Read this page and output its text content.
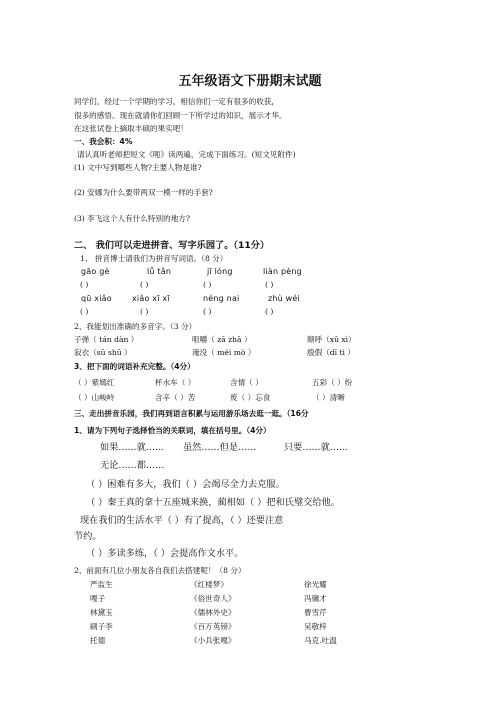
五年级语文下册期末试题
同学们，经过一个学期的学习，相信你们一定有很多的收获，
很多的感悟。现在就请你们回顾一下所学过的知识，展示才华。
在这张试卷上摘取丰硕的果实吧！
一、我会积：4%
请认真听老师把短文《呃》读两遍，完成下面练习。(短文见附件)
(1) 文中写到哪些人物?主要人物是谁?
(2) 安娜为什么要带两双一模一样的手套?
(3) 李飞这个人有什么特别的地方?
二、 我们可以走进拼音、写字乐园了。（11分）
1、 拼音博士请我们为拼音写词语。（8 分）
gāo gè	lǚ tǎn	jī lóng	liàn pèng
( )	( )	( )	( )
qū xiǎo	xiǎo xī xī	néng nai	zhù wéi
( )	( )	( )	( )
2、我能划出准确的多音字。（3 分）
子弹（ tán dàn ）	咀嚼（ zā zhā ）	顺呼（xū xì）
寂衣（sū shū ）	淹没（ méi mò ）	殷假（dī tì ）
3、把下面的词语补充完整。（4分）
（ ）紫嫣红	杯水车（ ）	含情（ ）	五彩（ ）纷
（ ）山峻岭	含辛（ ）苦	废（ ）忘食	（ ）清晰
三、走出拼音乐园，我们再到语言积累与运用游乐场去逛一逛。（16分
1、请为下列句子选择恰当的关联词，填在括号里。（4分）
如果……就…… 虽然……但是……	只要……就……
无论……都……
（ ）困难有多大，我们（ ）会竭尽全力去克服。
（ ）秦王真的拿十五座城来换，蔺相如（ ）把和氏璧交给他。
现在我们的生活水平（ ）有了提高，（ ）还要注意
节约。
（ ）多读多练，（ ）会提高作文水平。
2、前面有几位小朋友各自我们去搭建呢！（8 分）
严监生	《红楼梦》	徐光耀
嘎子	《俗世奇人》	冯骥才
林黛玉	《儒林外史》	曹雪芹
刷子李	《百万英镑》	吴敬梓
托德	《小兵张嘎》	马克.吐温
